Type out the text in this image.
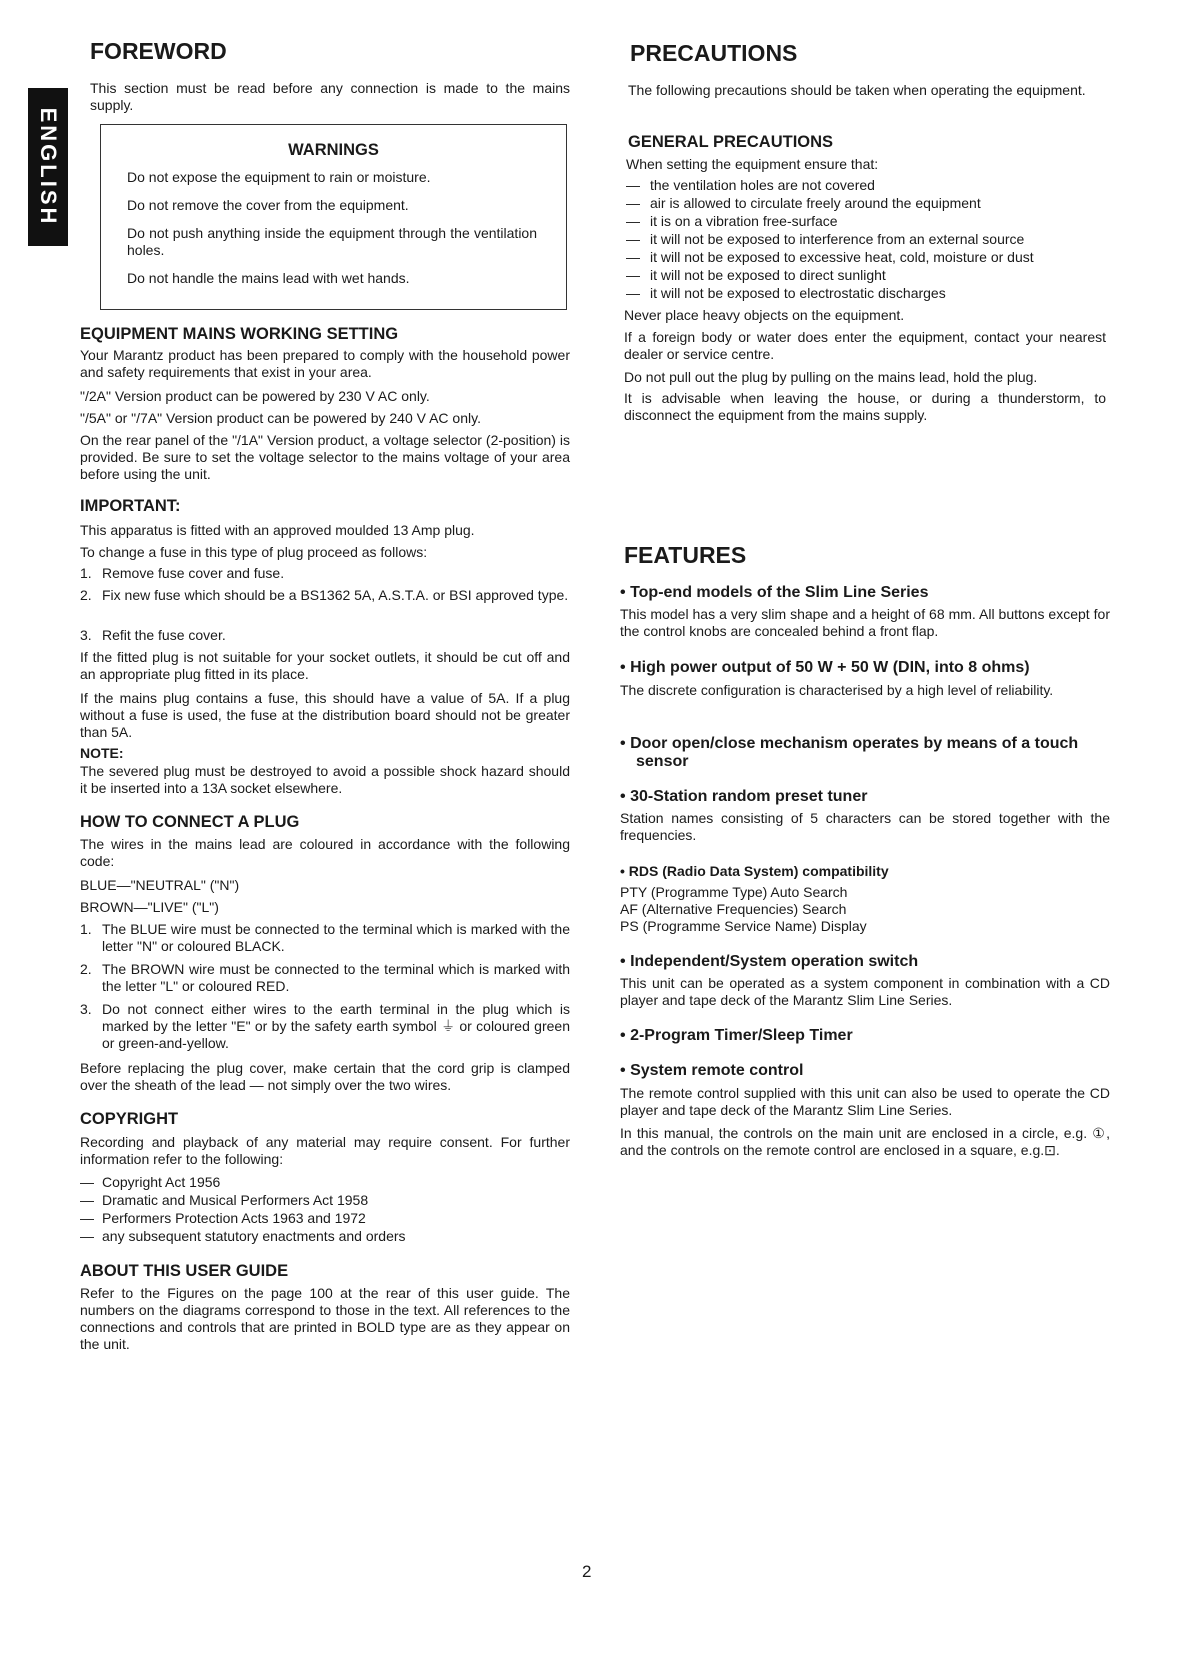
ENGLISH
FOREWORD

This section must be read before any connection is made to the mains supply.

WARNINGS

Do not expose the equipment to rain or moisture.

Do not remove the cover from the equipment.

Do not push anything inside the equipment through the ventilation holes.

Do not handle the mains lead with wet hands.

EQUIPMENT MAINS WORKING SETTING

Your Marantz product has been prepared to comply with the household power and safety requirements that exist in your area.

"/2A" Version product can be powered by 230 V AC only.

"/5A" or "/7A" Version product can be powered by 240 V AC only.

On the rear panel of the "/1A" Version product, a voltage selector (2-position) is provided. Be sure to set the voltage selector to the mains voltage of your area before using the unit.

IMPORTANT:

This apparatus is fitted with an approved moulded 13 Amp plug.

To change a fuse in this type of plug proceed as follows:

1. Remove fuse cover and fuse.
2. Fix new fuse which should be a BS1362 5A, A.S.T.A. or BSI approved type.
3. Refit the fuse cover.

If the fitted plug is not suitable for your socket outlets, it should be cut off and an appropriate plug fitted in its place.

If the mains plug contains a fuse, this should have a value of 5A. If a plug without a fuse is used, the fuse at the distribution board should not be greater than 5A.

NOTE:

The severed plug must be destroyed to avoid a possible shock hazard should it be inserted into a 13A socket elsewhere.

HOW TO CONNECT A PLUG

The wires in the mains lead are coloured in accordance with the following code:

BLUE—"NEUTRAL" ("N")

BROWN—"LIVE" ("L")

1. The BLUE wire must be connected to the terminal which is marked with the letter "N" or coloured BLACK.
2. The BROWN wire must be connected to the terminal which is marked with the letter "L" or coloured RED.
3. Do not connect either wires to the earth terminal in the plug which is marked by the letter "E" or by the safety earth symbol ⏚ or coloured green or green-and-yellow.

Before replacing the plug cover, make certain that the cord grip is clamped over the sheath of the lead — not simply over the two wires.

COPYRIGHT

Recording and playback of any material may require consent. For further information refer to the following:

— Copyright Act 1956
— Dramatic and Musical Performers Act 1958
— Performers Protection Acts 1963 and 1972
— any subsequent statutory enactments and orders
ABOUT THIS USER GUIDE

Refer to the Figures on the page 100 at the rear of this user guide. The numbers on the diagrams correspond to those in the text. All references to the connections and controls that are printed in BOLD type are as they appear on the unit.

PRECAUTIONS

The following precautions should be taken when operating the equipment.

GENERAL PRECAUTIONS

When setting the equipment ensure that:

— the ventilation holes are not covered
— air is allowed to circulate freely around the equipment
— it is on a vibration free-surface
— it will not be exposed to interference from an external source
— it will not be exposed to excessive heat, cold, moisture or dust
— it will not be exposed to direct sunlight
— it will not be exposed to electrostatic discharges

Never place heavy objects on the equipment.

If a foreign body or water does enter the equipment, contact your nearest dealer or service centre.

Do not pull out the plug by pulling on the mains lead, hold the plug.

It is advisable when leaving the house, or during a thunderstorm, to disconnect the equipment from the mains supply.

FEATURES

• Top-end models of the Slim Line Series

This model has a very slim shape and a height of 68 mm. All buttons except for the control knobs are concealed behind a front flap.

• High power output of 50 W + 50 W (DIN, into 8 ohms)

The discrete configuration is characterised by a high level of reliability.

• Door open/close mechanism operates by means of a touch sensor

• 30-Station random preset tuner

Station names consisting of 5 characters can be stored together with the frequencies.

• RDS (Radio Data System) compatibility

PTY (Programme Type) Auto Search

AF (Alternative Frequencies) Search

PS (Programme Service Name) Display

• Independent/System operation switch

This unit can be operated as a system component in combination with a CD player and tape deck of the Marantz Slim Line Series.

• 2-Program Timer/Sleep Timer

• System remote control

The remote control supplied with this unit can also be used to operate the CD player and tape deck of the Marantz Slim Line Series.

In this manual, the controls on the main unit are enclosed in a circle, e.g. ①, and the controls on the remote control are enclosed in a square, e.g.⊡.

2
